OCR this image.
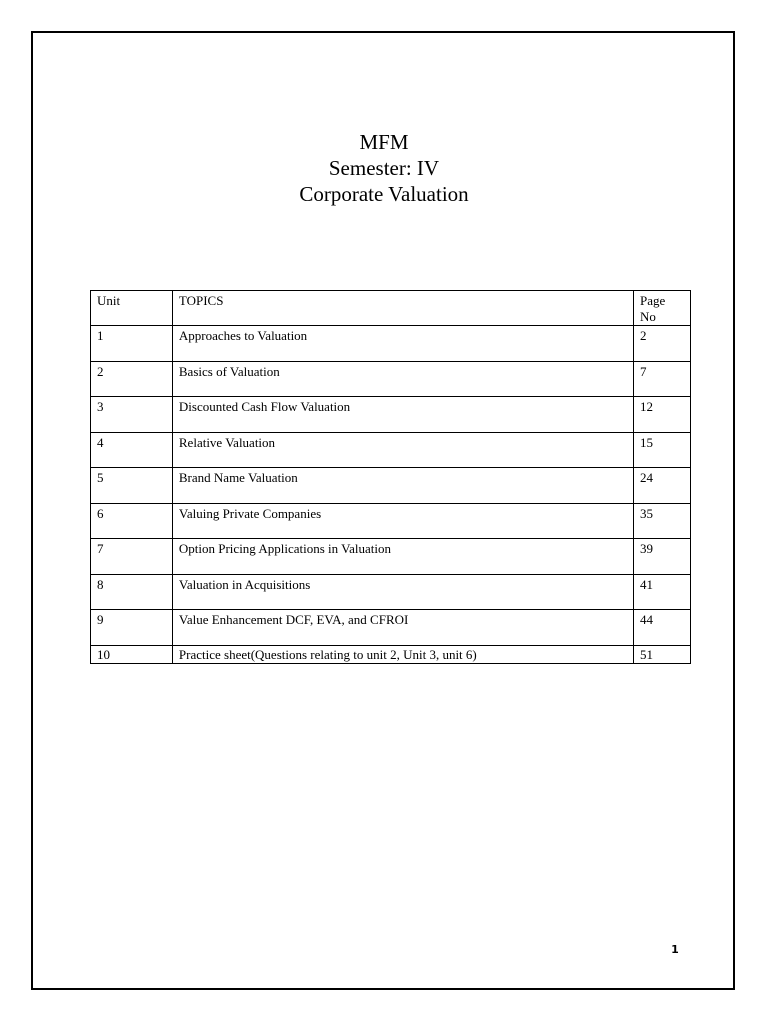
MFM
Semester: IV
Corporate Valuation
Unit	TOPICS	Page
No
1	Approaches to Valuation	2
2	Basics of Valuation	7
3	Discounted Cash Flow Valuation	12
4	Relative Valuation	15
5	Brand Name Valuation	24
6	Valuing Private Companies	35
7	Option Pricing Applications in Valuation	39
8	Valuation in Acquisitions	41
9	Value Enhancement DCF, EVA, and CFROI	44
10	Practice sheet(Questions relating to unit 2, Unit 3, unit 6)	51
1
